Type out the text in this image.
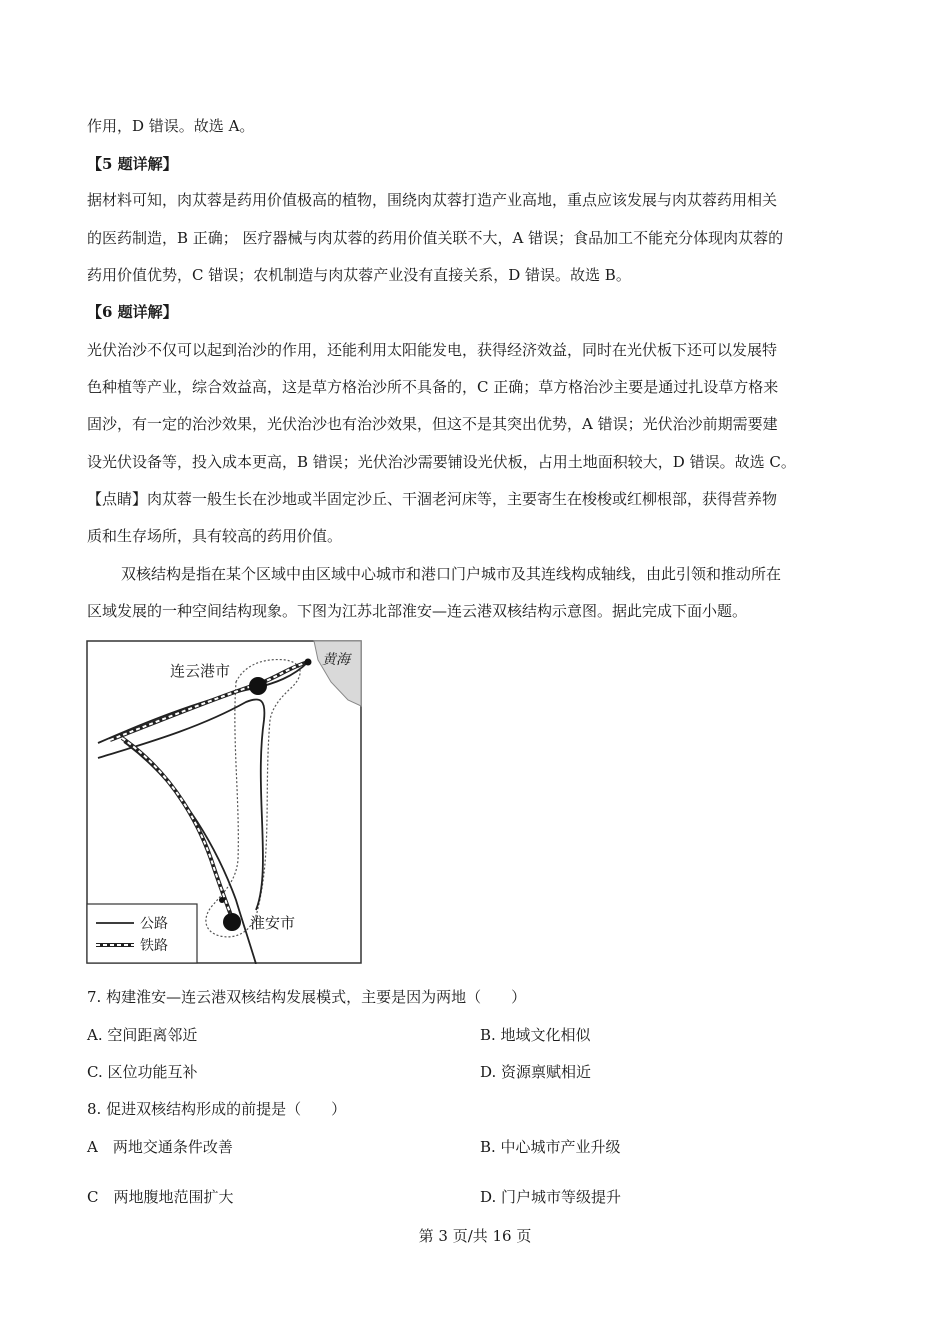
作用，D 错误。故选 A。
【5 题详解】
据材料可知，肉苁蓉是药用价值极高的植物，围绕肉苁蓉打造产业高地，重点应该发展与肉苁蓉药用相关
的医药制造，B 正确； 医疗器械与肉苁蓉的药用价值关联不大，A 错误；食品加工不能充分体现肉苁蓉的
药用价值优势，C 错误；农机制造与肉苁蓉产业没有直接关系，D 错误。故选 B。
【6 题详解】
光伏治沙不仅可以起到治沙的作用，还能利用太阳能发电，获得经济效益，同时在光伏板下还可以发展特
色种植等产业，综合效益高，这是草方格治沙所不具备的，C 正确；草方格治沙主要是通过扎设草方格来
固沙，有一定的治沙效果，光伏治沙也有治沙效果，但这不是其突出优势，A 错误；光伏治沙前期需要建
设光伏设备等，投入成本更高，B 错误；光伏治沙需要铺设光伏板，占用土地面积较大，D 错误。故选 C。
【点睛】肉苁蓉一般生长在沙地或半固定沙丘、干涸老河床等，主要寄生在梭梭或红柳根部，获得营养物
质和生存场所，具有较高的药用价值。
双核结构是指在某个区域中由区域中心城市和港口门户城市及其连线构成轴线，由此引领和推动所在
区域发展的一种空间结构现象。下图为江苏北部淮安—连云港双核结构示意图。据此完成下面小题。
黄海
连云港市
淮安市
公路
铁路
7. 构建淮安—连云港双核结构发展模式，主要是因为两地（　　）
A. 空间距离邻近	B. 地域文化相似
C. 区位功能互补	D. 资源禀赋相近
8. 促进双核结构形成的前提是（　　）
A　两地交通条件改善	B. 中心城市产业升级
C　两地腹地范围扩大	D. 门户城市等级提升
第 3 页/共 16 页
